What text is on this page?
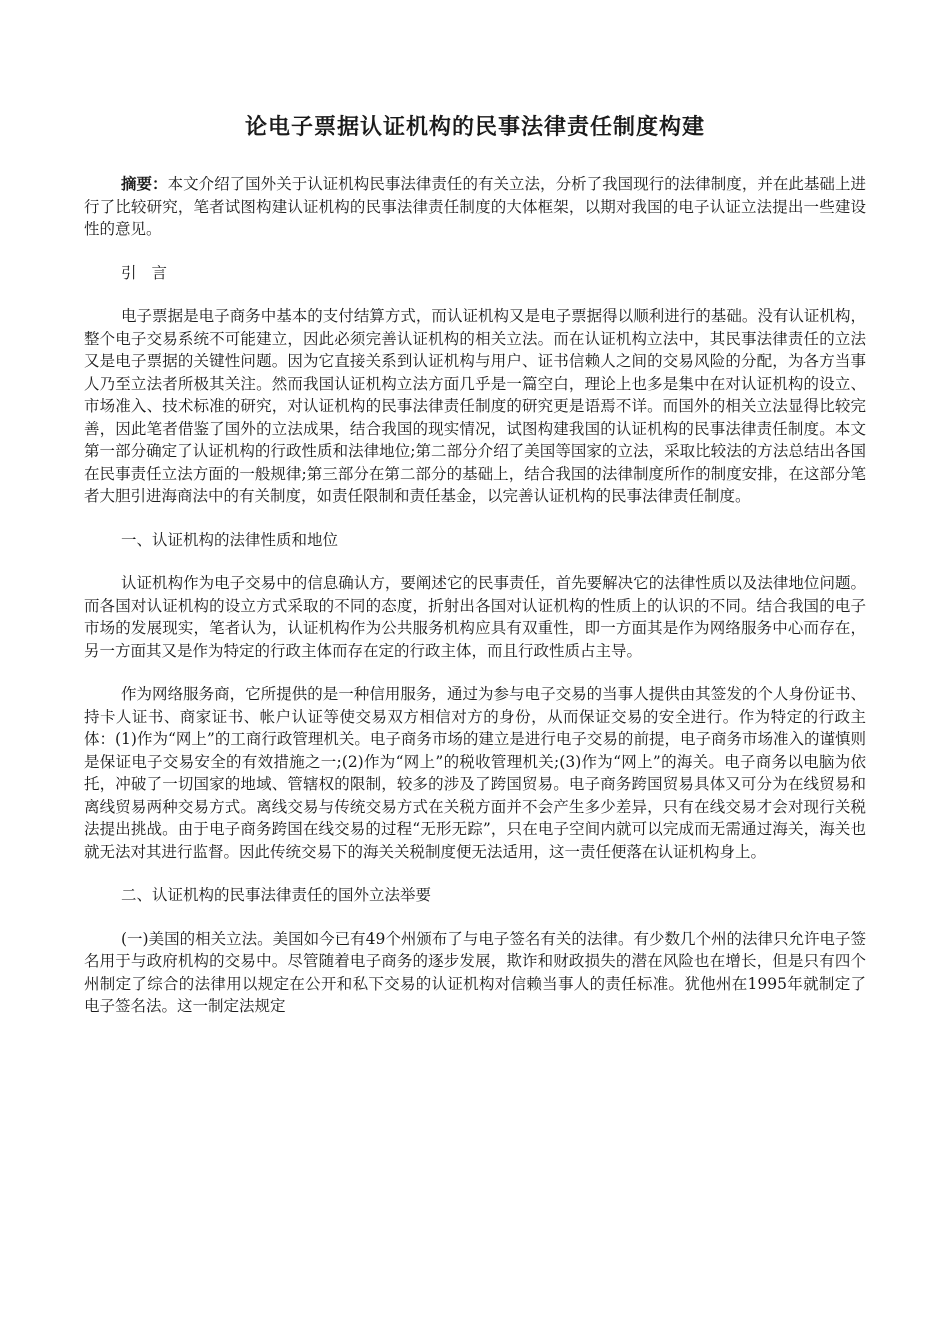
论电子票据认证机构的民事法律责任制度构建

摘要：本文介绍了国外关于认证机构民事法律责任的有关立法，分析了我国现行的法律制度，并在此基础上进行了比较研究，笔者试图构建认证机构的民事法律责任制度的大体框架，以期对我国的电子认证立法提出一些建设性的意见。

引言

电子票据是电子商务中基本的支付结算方式，而认证机构又是电子票据得以顺利进行的基础。没有认证机构，整个电子交易系统不可能建立，因此必须完善认证机构的相关立法。而在认证机构立法中，其民事法律责任的立法又是电子票据的关键性问题。因为它直接关系到认证机构与用户、证书信赖人之间的交易风险的分配，为各方当事人乃至立法者所极其关注。然而我国认证机构立法方面几乎是一篇空白，理论上也多是集中在对认证机构的设立、市场准入、技术标准的研究，对认证机构的民事法律责任制度的研究更是语焉不详。而国外的相关立法显得比较完善，因此笔者借鉴了国外的立法成果，结合我国的现实情况，试图构建我国的认证机构的民事法律责任制度。本文第一部分确定了认证机构的行政性质和法律地位;第二部分介绍了美国等国家的立法，采取比较法的方法总结出各国在民事责任立法方面的一般规律;第三部分在第二部分的基础上，结合我国的法律制度所作的制度安排，在这部分笔者大胆引进海商法中的有关制度，如责任限制和责任基金，以完善认证机构的民事法律责任制度。

一、认证机构的法律性质和地位

认证机构作为电子交易中的信息确认方，要阐述它的民事责任，首先要解决它的法律性质以及法律地位问题。而各国对认证机构的设立方式采取的不同的态度，折射出各国对认证机构的性质上的认识的不同。结合我国的电子市场的发展现实，笔者认为，认证机构作为公共服务机构应具有双重性，即一方面其是作为网络服务中心而存在，另一方面其又是作为特定的行政主体而存在定的行政主体，而且行政性质占主导。

作为网络服务商，它所提供的是一种信用服务，通过为参与电子交易的当事人提供由其签发的个人身份证书、持卡人证书、商家证书、帐户认证等使交易双方相信对方的身份，从而保证交易的安全进行。作为特定的行政主体：(1)作为“网上”的工商行政管理机关。电子商务市场的建立是进行电子交易的前提，电子商务市场准入的谨慎则是保证电子交易安全的有效措施之一;(2)作为“网上”的税收管理机关;(3)作为“网上”的海关。电子商务以电脑为依托，冲破了一切国家的地域、管辖权的限制，较多的涉及了跨国贸易。电子商务跨国贸易具体又可分为在线贸易和离线贸易两种交易方式。离线交易与传统交易方式在关税方面并不会产生多少差异，只有在线交易才会对现行关税法提出挑战。由于电子商务跨国在线交易的过程“无形无踪”，只在电子空间内就可以完成而无需通过海关，海关也就无法对其进行监督。因此传统交易下的海关关税制度便无法适用，这一责任便落在认证机构身上。

二、认证机构的民事法律责任的国外立法举要

(一)美国的相关立法。美国如今已有49个州颁布了与电子签名有关的法律。有少数几个州的法律只允许电子签名用于与政府机构的交易中。尽管随着电子商务的逐步发展，欺诈和财政损失的潜在风险也在增长，但是只有四个州制定了综合的法律用以规定在公开和私下交易的认证机构对信赖当事人的责任标准。犹他州在1995年就制定了电子签名法。这一制定法规定
